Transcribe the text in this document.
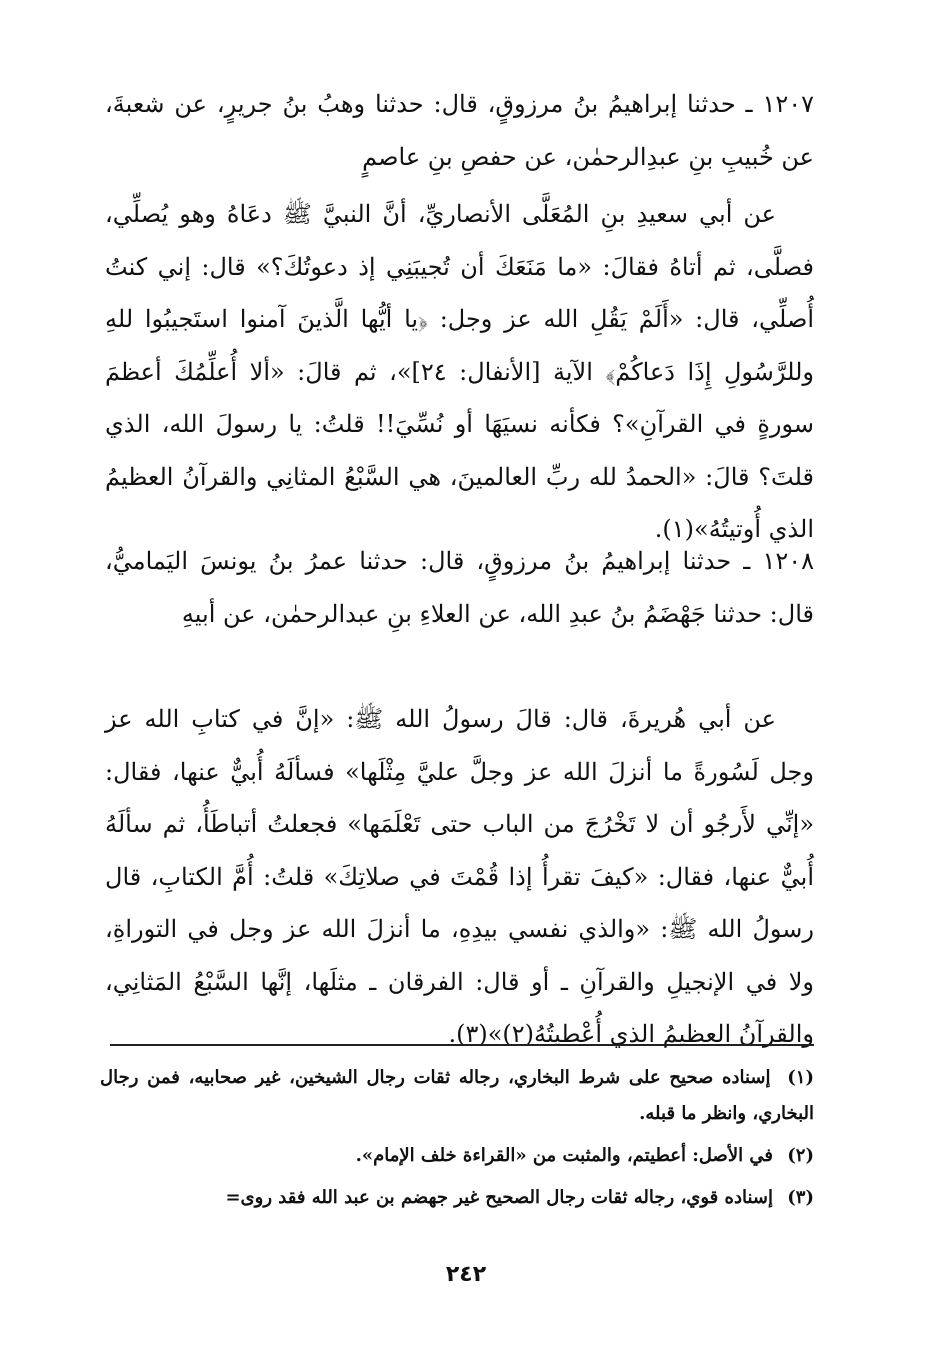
١٢٠٧ ـ حدثنا إبراهيمُ بنُ مرزوقٍ، قال: حدثنا وهبُ بنُ جريرٍ، عن شعبةَ، عن خُبيبِ بنِ عبدِالرحمٰن، عن حفصِ بنِ عاصمٍ

عن أبي سعيدِ بنِ المُعَلَّى الأنصاريِّ، أنَّ النبيَّ ﷺ دعَاهُ وهو يُصلِّي، فصلَّى، ثم أتاهُ فقالَ: «ما مَنَعَكَ أن تُجيبَنِي إذ دعوتُكَ؟» قال: إني كنتُ أُصلِّي، قال: «أَلَمْ يَقُلِ الله عز وجل: ﴿يا أيُّها الَّذينَ آمنوا استَجيبُوا للهِ وللرَّسُولِ إِذَا دَعاكُمْ﴾ الآية [الأنفال: ٢٤]»، ثم قالَ: «ألا أُعلِّمُكَ أعظمَ سورةٍ في القرآنِ»؟ فكأنه نسيَهَا أو نُسِّيَ!! قلتُ: يا رسولَ الله، الذي قلتَ؟ قالَ: «الحمدُ لله ربِّ العالمينَ، هي السَّبْعُ المثانِي والقرآنُ العظيمُ الذي أُوتيتُهُ»(١).

١٢٠٨ ـ حدثنا إبراهيمُ بنُ مرزوقٍ، قال: حدثنا عمرُ بنُ يونسَ اليَماميُّ، قال: حدثنا جَهْضَمُ بنُ عبدِ الله، عن العلاءِ بنِ عبدالرحمٰن، عن أبيهِ

عن أبي هُريرةَ، قال: قالَ رسولُ الله ﷺ: «إنَّ في كتابِ الله عز وجل لَسُورةً ما أنزلَ الله عز وجلَّ عليَّ مِثْلَها» فسألَهُ أُبيٌّ عنها، فقال: «إنِّي لأَرجُو أن لا تَخْرُجَ من الباب حتى تَعْلَمَها» فجعلتُ أتباطَأُ، ثم سألَهُ أُبيٌّ عنها، فقال: «كيفَ تقرأُ إذا قُمْتَ في صلاتِكَ» قلتُ: أُمَّ الكتابِ، قال رسولُ الله ﷺ: «والذي نفسي بيدِهِ، ما أنزلَ الله عز وجل في التوراةِ، ولا في الإنجيلِ والقرآنِ ـ أو قال: الفرقان ـ مثلَها، إنَّها السَّبْعُ المَثانِي، والقرآنُ العظيمُ الذي أُعْطيتُهُ(٢)»(٣).

(١) إسناده صحيح على شرط البخاري، رجاله ثقات رجال الشيخين، غير صحابيه، فمن رجال البخاري، وانظر ما قبله.

(٢) في الأصل: أعطيتم، والمثبت من «القراءة خلف الإمام».

(٣) إسناده قوي، رجاله ثقات رجال الصحيح غير جهضم بن عبد الله فقد روى=

٢٤٢
